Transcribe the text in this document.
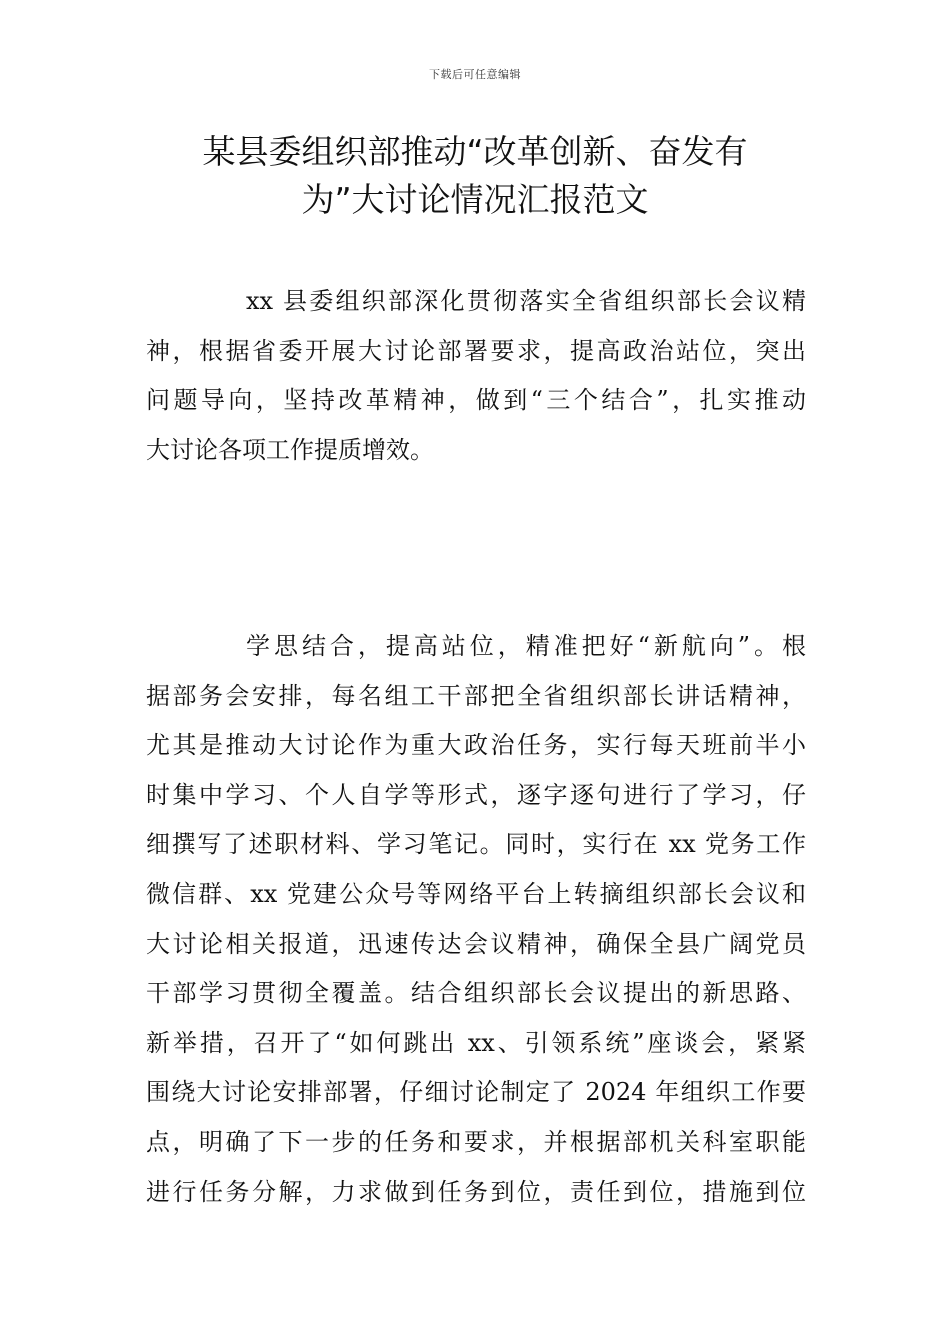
下载后可任意编辑
某县委组织部推动“改革创新、奋发有
为”大讨论情况汇报范文

xx 县委组织部深化贯彻落实全省组织部长会议精
神，根据省委开展大讨论部署要求，提高政治站位，突出
问题导向，坚持改革精神，做到“三个结合”，扎实推动
大讨论各项工作提质增效。

学思结合，提高站位，精准把好“新航向”。根
据部务会安排，每名组工干部把全省组织部长讲话精神，
尤其是推动大讨论作为重大政治任务，实行每天班前半小
时集中学习、个人自学等形式，逐字逐句进行了学习，仔
细撰写了述职材料、学习笔记。同时，实行在 xx 党务工作
微信群、xx 党建公众号等网络平台上转摘组织部长会议和
大讨论相关报道，迅速传达会议精神，确保全县广阔党员
干部学习贯彻全覆盖。结合组织部长会议提出的新思路、
新举措，召开了“如何跳出 xx、引领系统”座谈会，紧紧
围绕大讨论安排部署，仔细讨论制定了 2024 年组织工作要
点，明确了下一步的任务和要求，并根据部机关科室职能
进行任务分解，力求做到任务到位，责任到位，措施到位
